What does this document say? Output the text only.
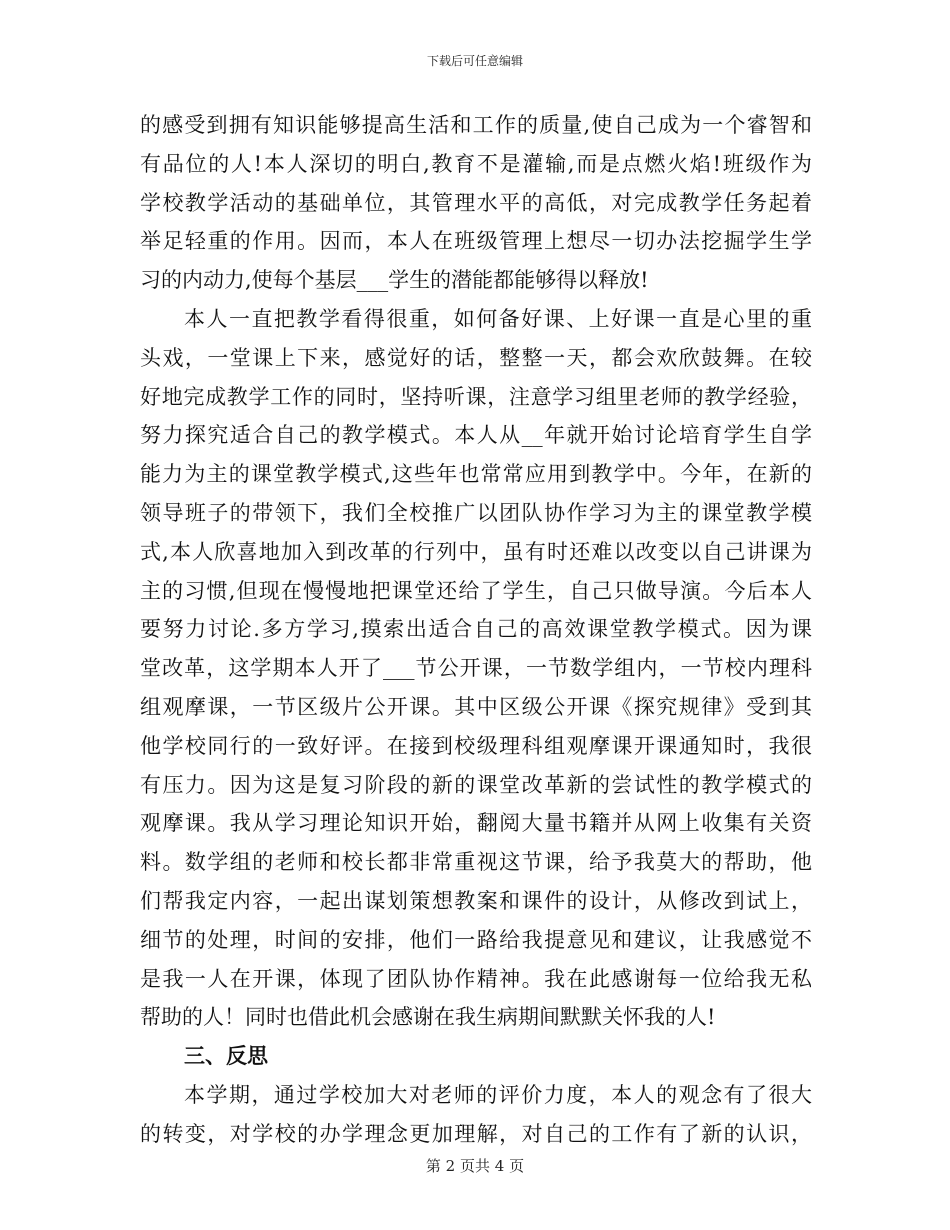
下载后可任意编辑
的感受到拥有知识能够提高生活和工作的质量,使自己成为一个睿智和
有品位的人!本人深切的明白,教育不是灌输,而是点燃火焰!班级作为
学校教学活动的基础单位，其管理水平的高低，对完成教学任务起着
举足轻重的作用。因而，本人在班级管理上想尽一切办法挖掘学生学
习的内动力,使每个基层___学生的潜能都能够得以释放!
本人一直把教学看得很重，如何备好课、上好课一直是心里的重
头戏，一堂课上下来，感觉好的话，整整一天，都会欢欣鼓舞。在较
好地完成教学工作的同时，坚持听课，注意学习组里老师的教学经验，
努力探究适合自己的教学模式。本人从__年就开始讨论培育学生自学
能力为主的课堂教学模式,这些年也常常应用到教学中。今年，在新的
领导班子的带领下，我们全校推广以团队协作学习为主的课堂教学模
式,本人欣喜地加入到改革的行列中，虽有时还难以改变以自己讲课为
主的习惯,但现在慢慢地把课堂还给了学生，自己只做导演。今后本人
要努力讨论.多方学习,摸索出适合自己的高效课堂教学模式。因为课
堂改革，这学期本人开了___节公开课，一节数学组内，一节校内理科
组观摩课，一节区级片公开课。其中区级公开课《探究规律》受到其
他学校同行的一致好评。在接到校级理科组观摩课开课通知时，我很
有压力。因为这是复习阶段的新的课堂改革新的尝试性的教学模式的
观摩课。我从学习理论知识开始，翻阅大量书籍并从网上收集有关资
料。数学组的老师和校长都非常重视这节课，给予我莫大的帮助，他
们帮我定内容，一起出谋划策想教案和课件的设计，从修改到试上，
细节的处理，时间的安排，他们一路给我提意见和建议，让我感觉不
是我一人在开课，体现了团队协作精神。我在此感谢每一位给我无私
帮助的人！同时也借此机会感谢在我生病期间默默关怀我的人!
三、反思
本学期，通过学校加大对老师的评价力度，本人的观念有了很大
的转变，对学校的办学理念更加理解，对自己的工作有了新的认识，
第 2 页共 4 页
